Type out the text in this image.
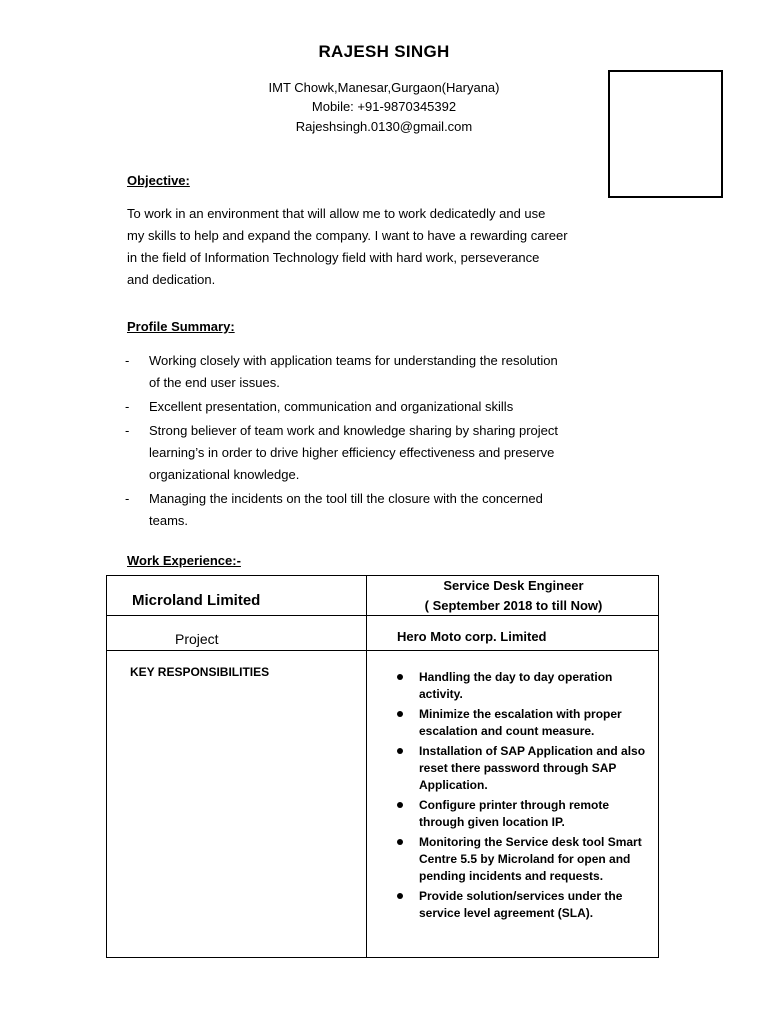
RAJESH SINGH
IMT Chowk,Manesar,Gurgaon(Haryana)
Mobile: +91-9870345392
Rajeshsingh.0130@gmail.com
Objective:
To work in an environment that will allow me to work dedicatedly and use
my skills to help and expand the company. I want to have a rewarding career
in the field of Information Technology field with hard work, perseverance
and dedication.
Profile Summary:
- Working closely with application teams for understanding the resolution
of the end user issues.
- Excellent presentation, communication and organizational skills
- Strong believer of team work and knowledge sharing by sharing project
learning’s in order to drive higher efficiency effectiveness and preserve
organizational knowledge.
- Managing the incidents on the tool till the closure with the concerned
teams.
Work Experience:-
Microland Limited
Service Desk Engineer
( September 2018 to till Now)
Project	Hero Moto corp. Limited
KEY RESPONSIBILITIES	Handling the day to day operation
activity.
Minimize the escalation with proper
escalation and count measure.
Installation of SAP Application and also
reset there password through SAP
Application.
Configure printer through remote
through given location IP.
Monitoring the Service desk tool Smart
Centre 5.5 by Microland for open and
pending incidents and requests.
Provide solution/services under the
service level agreement (SLA).
